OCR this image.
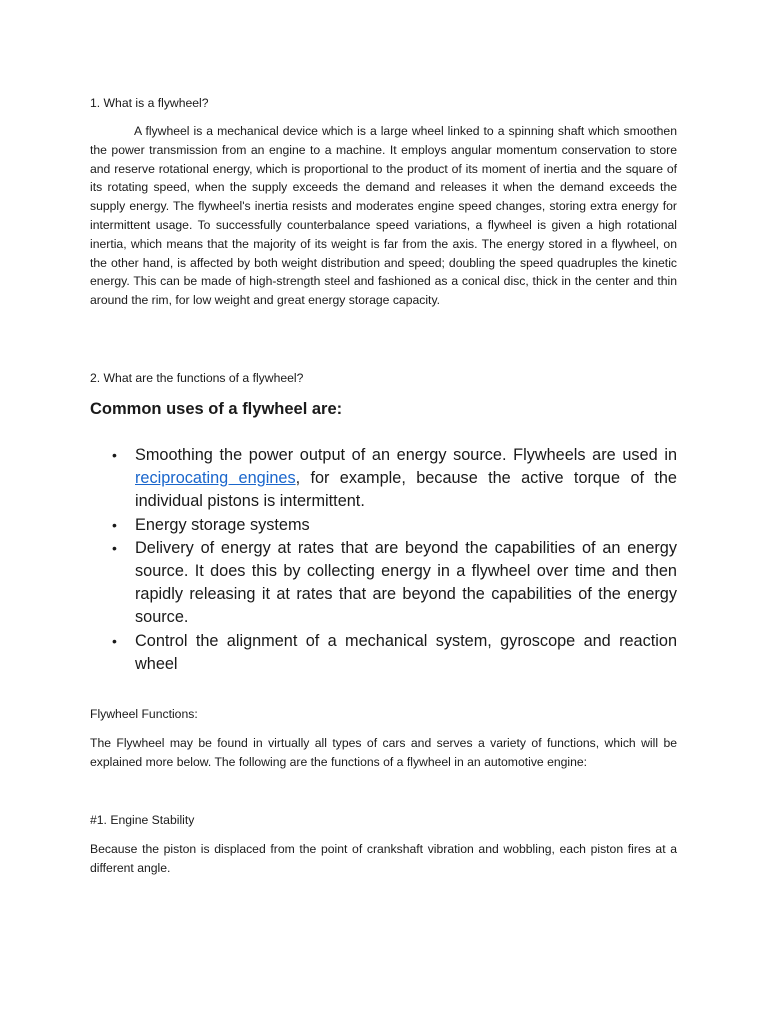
1. What is a flywheel?

A flywheel is a mechanical device which is a large wheel linked to a spinning shaft which smoothen the power transmission from an engine to a machine. It employs angular momentum conservation to store and reserve rotational energy, which is proportional to the product of its moment of inertia and the square of its rotating speed, when the supply exceeds the demand and releases it when the demand exceeds the supply energy. The flywheel's inertia resists and moderates engine speed changes, storing extra energy for intermittent usage. To successfully counterbalance speed variations, a flywheel is given a high rotational inertia, which means that the majority of its weight is far from the axis. The energy stored in a flywheel, on the other hand, is affected by both weight distribution and speed; doubling the speed quadruples the kinetic energy. This can be made of high-strength steel and fashioned as a conical disc, thick in the center and thin around the rim, for low weight and great energy storage capacity.

2. What are the functions of a flywheel?

Common uses of a flywheel are:
• Smoothing the power output of an energy source. Flywheels are used in reciprocating engines, for example, because the active torque of the individual pistons is intermittent.
• Energy storage systems
• Delivery of energy at rates that are beyond the capabilities of an energy source. It does this by collecting energy in a flywheel over time and then rapidly releasing it at rates that are beyond the capabilities of the energy source.
• Control the alignment of a mechanical system, gyroscope and reaction wheel

Flywheel Functions:

The Flywheel may be found in virtually all types of cars and serves a variety of functions, which will be explained more below. The following are the functions of a flywheel in an automotive engine:

#1. Engine Stability

Because the piston is displaced from the point of crankshaft vibration and wobbling, each piston fires at a different angle.
